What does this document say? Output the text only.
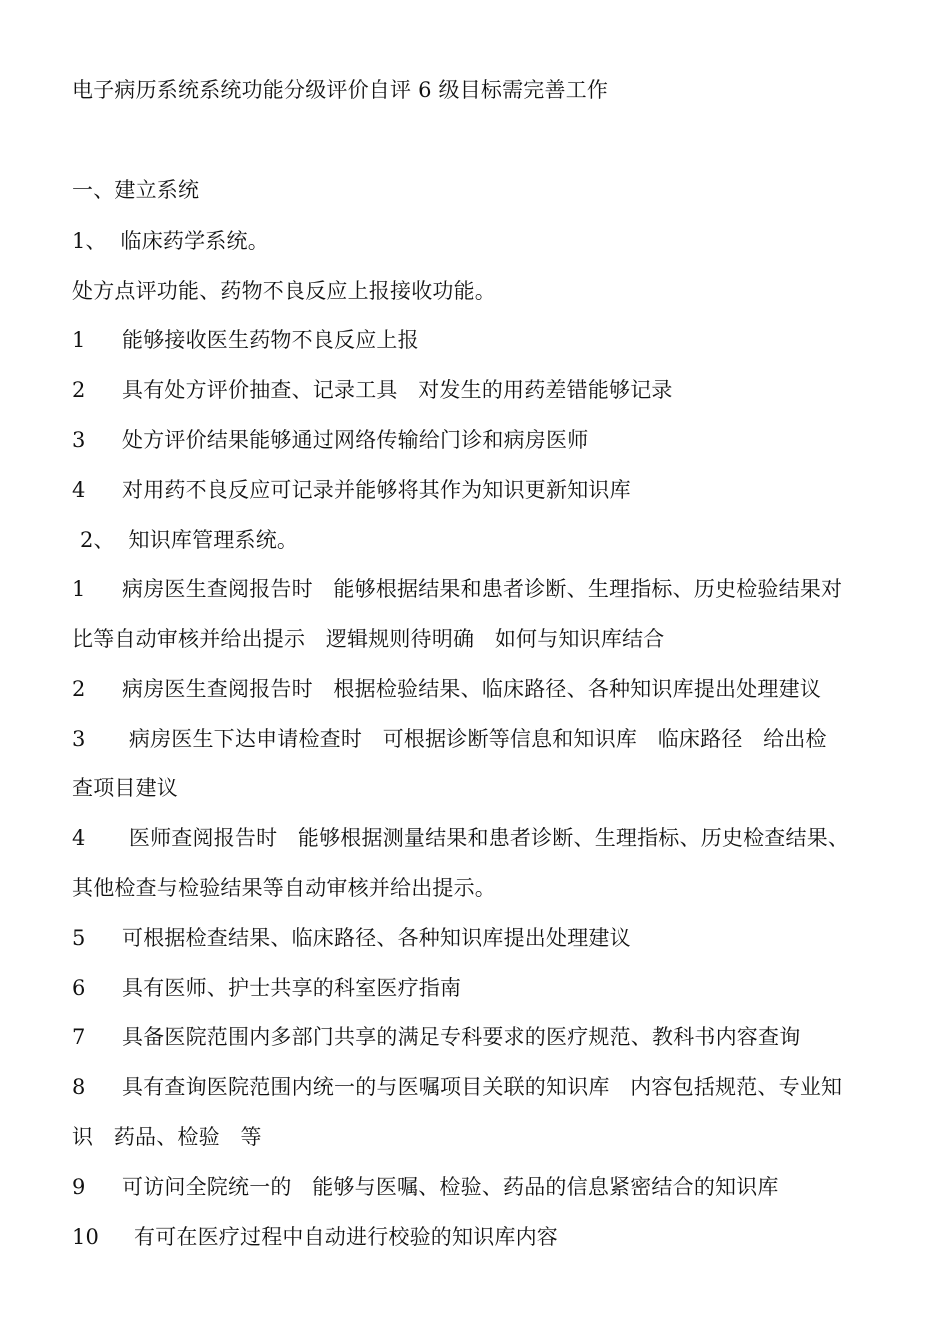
电子病历系统系统功能分级评价自评 6 级目标需完善工作
一、建立系统
1、  临床药学系统。
处方点评功能、药物不良反应上报接收功能。
1 能够接收医生药物不良反应上报
2 具有处方评价抽查、记录工具   对发生的用药差错能够记录
3 处方评价结果能够通过网络传输给门诊和病房医师
4 对用药不良反应可记录并能够将其作为知识更新知识库
2、  知识库管理系统。
1 病房医生查阅报告时   能够根据结果和患者诊断、生理指标、历史检验结果对
比等自动审核并给出提示   逻辑规则待明确   如何与知识库结合
2 病房医生查阅报告时   根据检验结果、临床路径、各种知识库提出处理建议
3 病房医生下达申请检查时   可根据诊断等信息和知识库   临床路径   给出检
查项目建议
4 医师查阅报告时   能够根据测量结果和患者诊断、生理指标、历史检查结果、
其他检查与检验结果等自动审核并给出提示。
5 可根据检查结果、临床路径、各种知识库提出处理建议
6 具有医师、护士共享的科室医疗指南
7 具备医院范围内多部门共享的满足专科要求的医疗规范、教科书内容查询
8 具有查询医院范围内统一的与医嘱项目关联的知识库   内容包括规范、专业知
识   药品、检验   等
9 可访问全院统一的   能够与医嘱、检验、药品的信息紧密结合的知识库
10 有可在医疗过程中自动进行校验的知识库内容
